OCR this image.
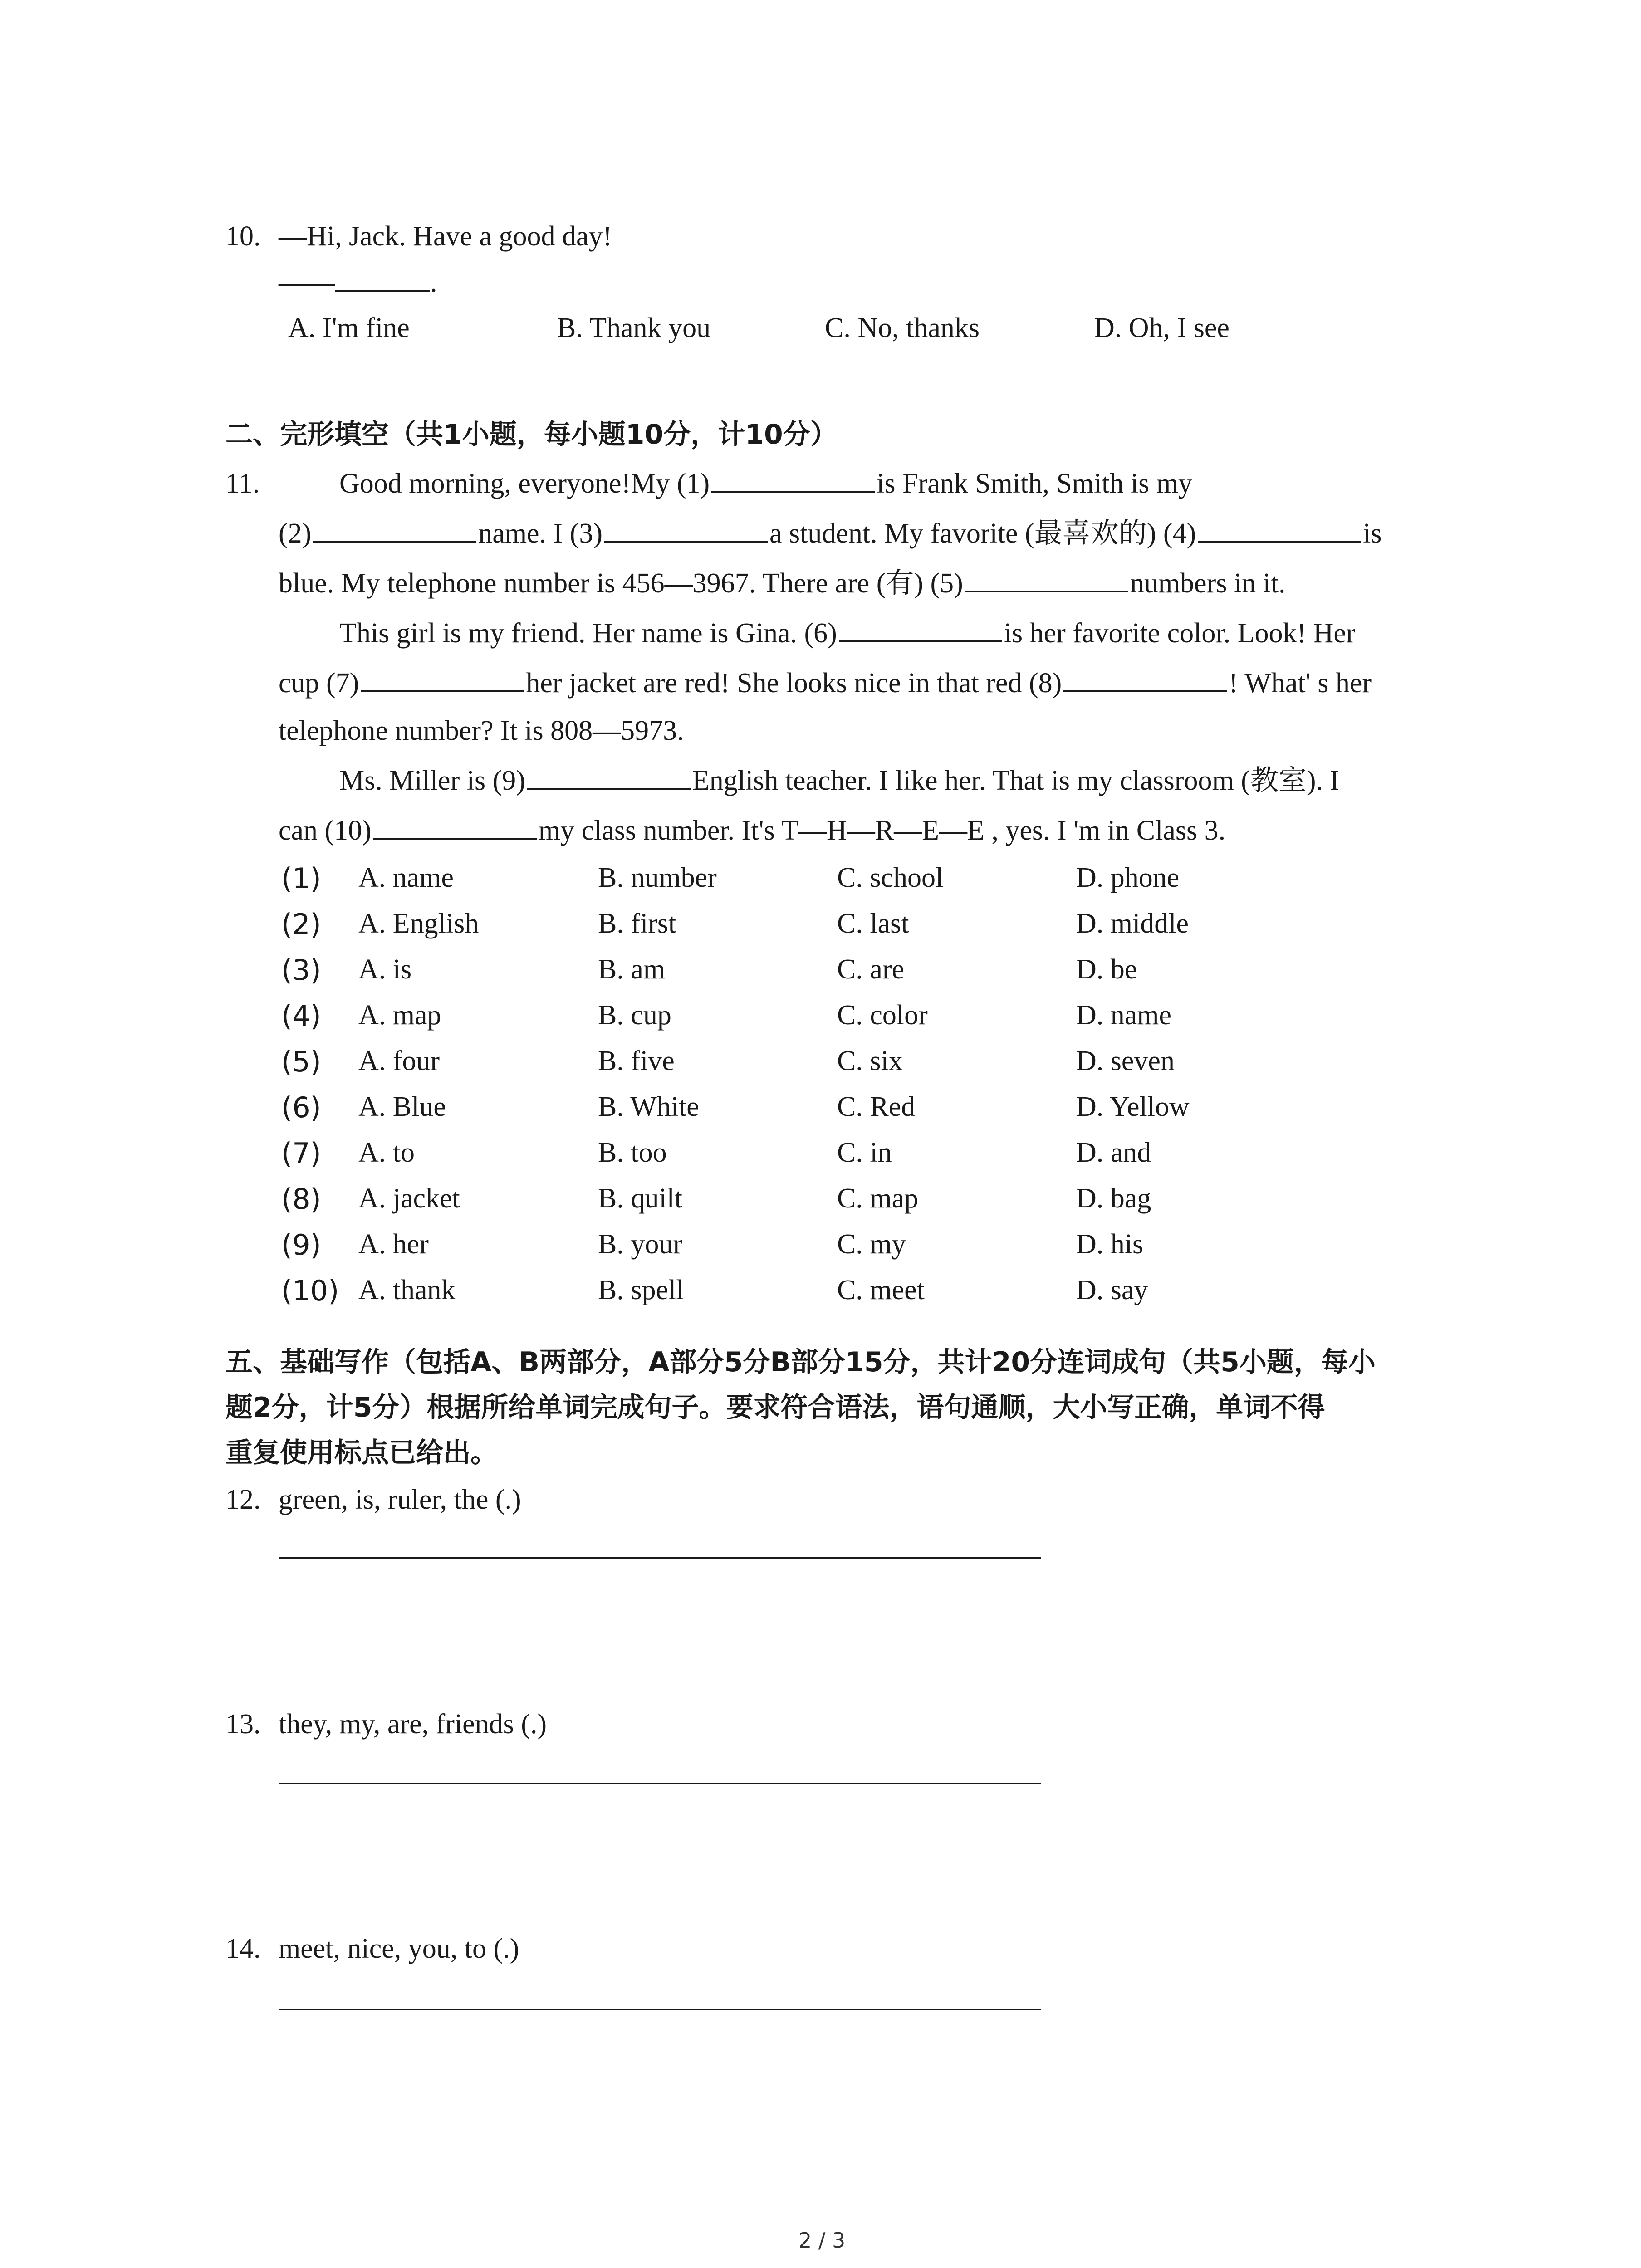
10. —Hi, Jack. Have a good day!
——	.
A. I'm fine	B. Thank you	C. No, thanks	D. Oh, I see
二、完形填空（共1小题，每小题10分，计10分）
11.	Good morning, everyone!My (1)	is Frank Smith, Smith is my
(2)	name. I (3)	a student. My favorite (最喜欢的) (4)	is
blue. My telephone number is 456—3967. There are (有) (5)	numbers in it.
This girl is my friend. Her name is Gina. (6)	is her favorite color. Look! Her
cup (7)	her jacket are red! She looks nice in that red (8)	! What' s her
telephone number? It is 808—5973.
Ms. Miller is (9)	English teacher. I like her. That is my classroom (教室). I
can (10)	my class number. It's T—H—R—E—E , yes. I 'm in Class 3.
(1) A. name	B. number	C. school	D. phone
(2) A. English	B. first	C. last	D. middle
(3) A. is	B. am	C. are	D. be
(4) A. map	B. cup	C. color	D. name
(5) A. four	B. five	C. six	D. seven
(6) A. Blue	B. White	C. Red	D. Yellow
(7) A. to	B. too	C. in	D. and
(8) A. jacket	B. quilt	C. map	D. bag
(9) A. her	B. your	C. my	D. his
(10) A. thank	B. spell	C. meet	D. say
五、基础写作（包括A、B两部分，A部分5分B部分15分，共计20分连词成句（共5小题，每小
题2分，计5分）根据所给单词完成句子。要求符合语法，语句通顺，大小写正确，单词不得
重复使用标点已给出。
12. green, is, ruler, the (.)
13. they, my, are, friends (.)
14. meet, nice, you, to (.)
2 / 3
